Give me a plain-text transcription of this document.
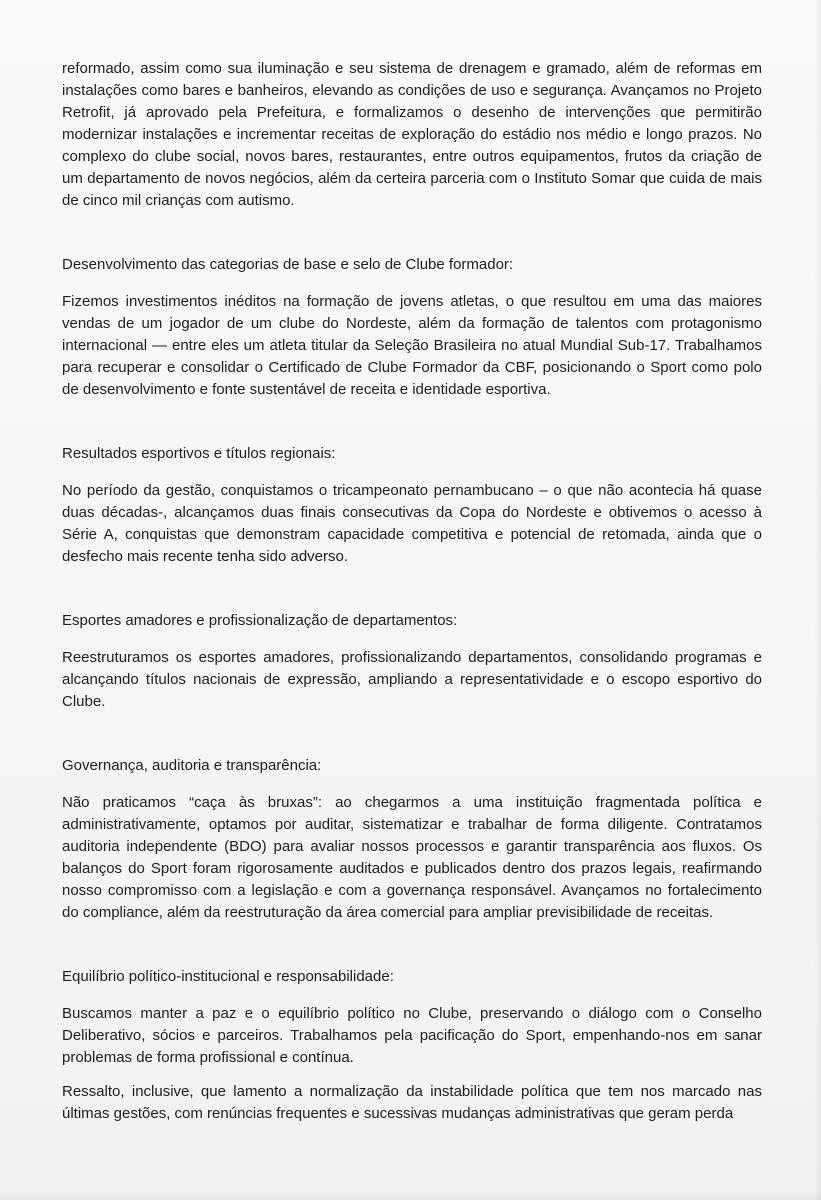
reformado, assim como sua iluminação e seu sistema de drenagem e gramado, além de reformas em instalações como bares e banheiros, elevando as condições de uso e segurança. Avançamos no Projeto Retrofit, já aprovado pela Prefeitura, e formalizamos o desenho de intervenções que permitirão modernizar instalações e incrementar receitas de exploração do estádio nos médio e longo prazos. No complexo do clube social, novos bares, restaurantes, entre outros equipamentos, frutos da criação de um departamento de novos negócios, além da certeira parceria com o Instituto Somar que cuida de mais de cinco mil crianças com autismo.

Desenvolvimento das categorias de base e selo de Clube formador:

Fizemos investimentos inéditos na formação de jovens atletas, o que resultou em uma das maiores vendas de um jogador de um clube do Nordeste, além da formação de talentos com protagonismo internacional — entre eles um atleta titular da Seleção Brasileira no atual Mundial Sub-17. Trabalhamos para recuperar e consolidar o Certificado de Clube Formador da CBF, posicionando o Sport como polo de desenvolvimento e fonte sustentável de receita e identidade esportiva.

Resultados esportivos e títulos regionais:

No período da gestão, conquistamos o tricampeonato pernambucano – o que não acontecia há quase duas décadas-, alcançamos duas finais consecutivas da Copa do Nordeste e obtivemos o acesso à Série A, conquistas que demonstram capacidade competitiva e potencial de retomada, ainda que o desfecho mais recente tenha sido adverso.

Esportes amadores e profissionalização de departamentos:

Reestruturamos os esportes amadores, profissionalizando departamentos, consolidando programas e alcançando títulos nacionais de expressão, ampliando a representatividade e o escopo esportivo do Clube.

Governança, auditoria e transparência:

Não praticamos “caça às bruxas”: ao chegarmos a uma instituição fragmentada política e administrativamente, optamos por auditar, sistematizar e trabalhar de forma diligente. Contratamos auditoria independente (BDO) para avaliar nossos processos e garantir transparência aos fluxos. Os balanços do Sport foram rigorosamente auditados e publicados dentro dos prazos legais, reafirmando nosso compromisso com a legislação e com a governança responsável. Avançamos no fortalecimento do compliance, além da reestruturação da área comercial para ampliar previsibilidade de receitas.

Equilíbrio político-institucional e responsabilidade:

Buscamos manter a paz e o equilíbrio político no Clube, preservando o diálogo com o Conselho Deliberativo, sócios e parceiros. Trabalhamos pela pacificação do Sport, empenhando-nos em sanar problemas de forma profissional e contínua.

Ressalto, inclusive, que lamento a normalização da instabilidade política que tem nos marcado nas últimas gestões, com renúncias frequentes e sucessivas mudanças administrativas que geram perda
